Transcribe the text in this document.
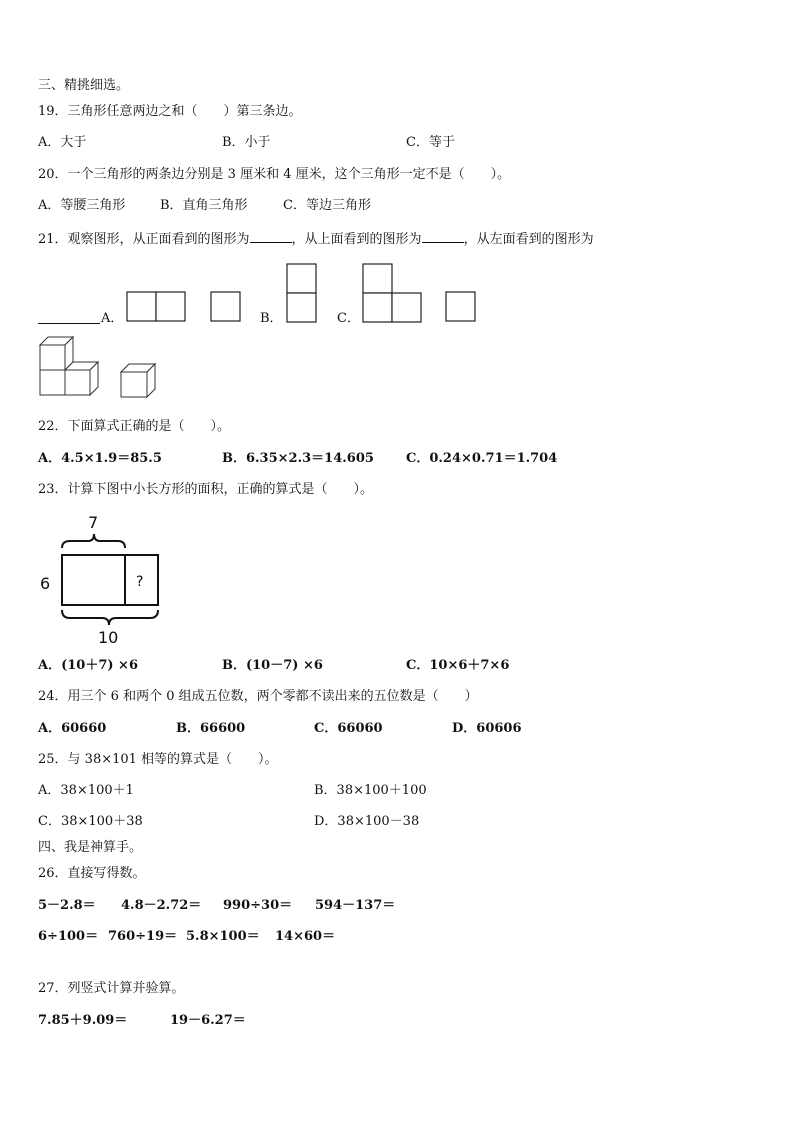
三、精挑细选。
19．三角形任意两边之和（　　）第三条边。
A．大于	B．小于	C．等于
20．一个三角形的两条边分别是 3 厘米和 4 厘米，这个三角形一定不是（　　）。
A．等腰三角形	B．直角三角形	C．等边三角形
21．观察图形，从正面看到的图形为	，从上面看到的图形为	，从左面看到的图形为
A．	B．	C．
22．下面算式正确的是（　　）。
A．4.5×1.9＝85.5	B．6.35×2.3＝14.605 C．0.24×0.71＝1.704
23．计算下图中小长方形的面积，正确的算式是（　　）。
7
?
6
10
A．(10＋7) ×6	B．(10－7) ×6	C．10×6＋7×6
24．用三个 6 和两个 0 组成五位数，两个零都不读出来的五位数是（　　）
A．60660	B．66600	C．66060	D．60606
25．与 38×101 相等的算式是（　　）。
A．38×100＋1	B．38×100＋100
C．38×100＋38	D．38×100－38
四、我是神算手。
26．直接写得数。
5－2.8＝ 4.8－2.72＝ 990÷30＝ 594－137＝
6÷100＝ 760÷19＝ 5.8×100＝ 14×60＝
27．列竖式计算并验算。
7.85＋9.09＝	19－6.27＝
